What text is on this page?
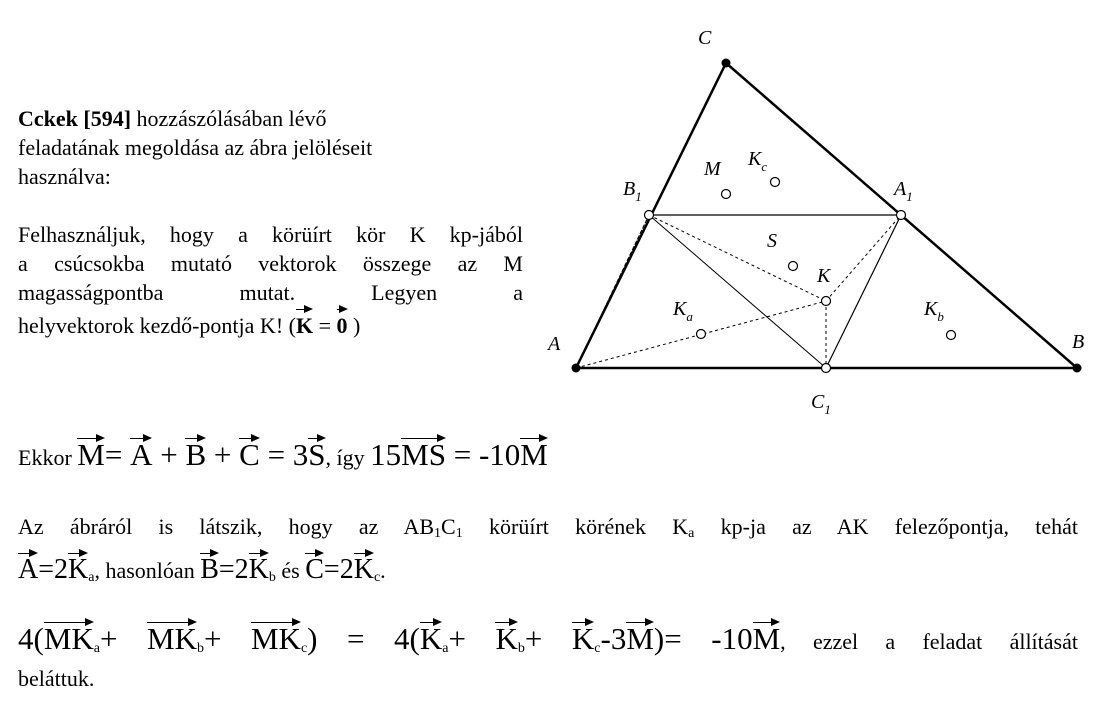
Cckek [594] hozzászólásában lévő

feladatának megoldása az ábra jelöléseit

használva:

Felhasználjuk, hogy a körüírt kör K kp-jából

a csúcsokba mutató vektorok összege az M

magasságpontba mutat. Legyen a

helyvektorok kezdő-pontja K! (K = 0 )

C
A	B
$B_1$	$A_1$
$C_1$
M $K_c$
S
K
$K_a$	$K_b$
Ekkor M= A + B + C = 3S, így 15MS = -10M
Az ábráról is látszik, hogy az AB1C1 körüírt körének Ka kp-ja az AK felezőpontja, tehát
A=2Ka, hasonlóan B=2Kb és C=2Kc.
4(MKa+ MKb+ MKc) = 4(Ka+ Kb+ Kc-3M)= -10M, ezzel a feladat állítását
beláttuk.
